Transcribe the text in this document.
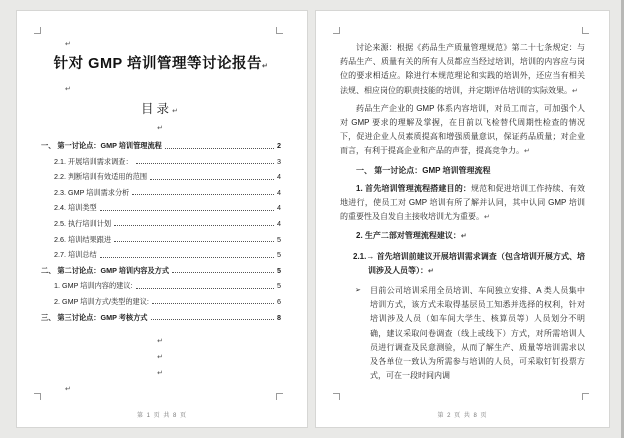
↵
针对 GMP 培训管理等讨论报告↵
↵
目录↵
↵
一、 第一讨论点：GMP 培训管理流程	2
2.1. 开展培训需求调查：	3
2.2. 判断培训有效适用的范围	4
2.3. GMP 培训需求分析	4
2.4. 培训类型	4
2.5. 执行培训计划	4
2.6. 培训结果跟进	5
2.7. 培训总结	5
二、 第二讨论点：GMP 培训内容及方式	5
1. GMP 培训内容的建议:	5
2. GMP 培训方式/类型的建议:	6
三、 第三讨论点：GMP 考核方式	8
↵
↵
↵
↵
第 1 页 共 8 页

讨论来源：根据《药品生产质量管理规范》第二十七条规定：与药品生产、质量有关的所有人员都应当经过培训，培训的内容应与岗位的要求相适应。除进行本规范理论和实践的培训外，还应当有相关法规、相应岗位的职责技能的培训，并定期评估培训的实际效果。↵

药品生产企业的 GMP 体系内容培训，对员工而言，可加强个人对 GMP 要求的理解及掌握，在目前以飞检替代周期性检查的情况下，促进企业人员素质提高和增强质量意识，保证药品质量；对企业而言，有利于提高企业和产品的声誉，提高竞争力。↵

一、 第一讨论点：GMP 培训管理流程

1. 首先培训管理流程搭建目的：规范和促进培训工作持续、有效地进行，使员工对 GMP 培训有所了解并认同，其中认同 GMP 培训的重要性及自发自主接收培训尤为重要。↵

2. 生产二部对管理流程建议：↵

2.1.→ 首先培训前建议开展培训需求调查（包含培训开展方式、培训涉及人员等）：↵

➢ 目前公司培训采用全员培训、车间独立安排、A 类人员集中培训方式，该方式未取得基层员工知悉并选择的权利，针对培训涉及人员（如车间大学生、核算员等）人员划分不明确，建议采取问卷调查（线上或线下）方式，对所需培训人员进行调查及民意测验，从而了解生产、质量等培训需求以及各单位一致认为所需参与培训的人员，可采取钉钉投票方式，可在一段时间内调

第 2 页 共 8 页
